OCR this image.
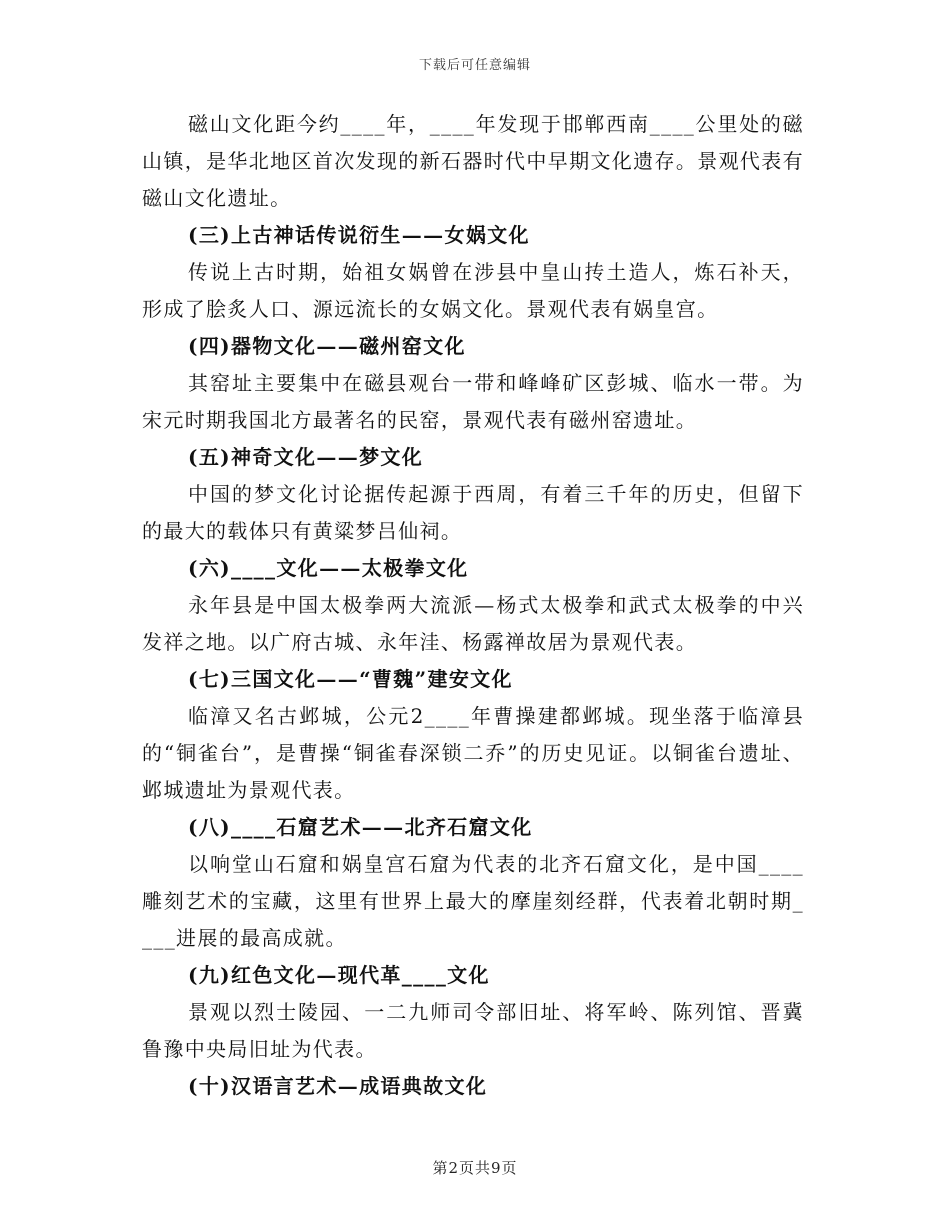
下载后可任意编辑

磁山文化距今约____年，____年发现于邯郸西南____公里处的磁山镇，是华北地区首次发现的新石器时代中早期文化遗存。景观代表有磁山文化遗址。

(三)上古神话传说衍生——女娲文化

传说上古时期，始祖女娲曾在涉县中皇山抟土造人，炼石补天，形成了脍炙人口、源远流长的女娲文化。景观代表有娲皇宫。

(四)器物文化——磁州窑文化

其窑址主要集中在磁县观台一带和峰峰矿区彭城、临水一带。为宋元时期我国北方最著名的民窑，景观代表有磁州窑遗址。

(五)神奇文化——梦文化

中国的梦文化讨论据传起源于西周，有着三千年的历史，但留下的最大的载体只有黄粱梦吕仙祠。

(六)____文化——太极拳文化

永年县是中国太极拳两大流派—杨式太极拳和武式太极拳的中兴发祥之地。以广府古城、永年洼、杨露禅故居为景观代表。

(七)三国文化——“曹魏”建安文化

临漳又名古邺城，公元2____年曹操建都邺城。现坐落于临漳县的“铜雀台”，是曹操“铜雀春深锁二乔”的历史见证。以铜雀台遗址、邺城遗址为景观代表。

(八)____石窟艺术——北齐石窟文化

以响堂山石窟和娲皇宫石窟为代表的北齐石窟文化，是中国____雕刻艺术的宝藏，这里有世界上最大的摩崖刻经群，代表着北朝时期____进展的最高成就。

(九)红色文化—现代革____文化

景观以烈士陵园、一二九师司令部旧址、将军岭、陈列馆、晋冀鲁豫中央局旧址为代表。

(十)汉语言艺术—成语典故文化

第2页共9页
